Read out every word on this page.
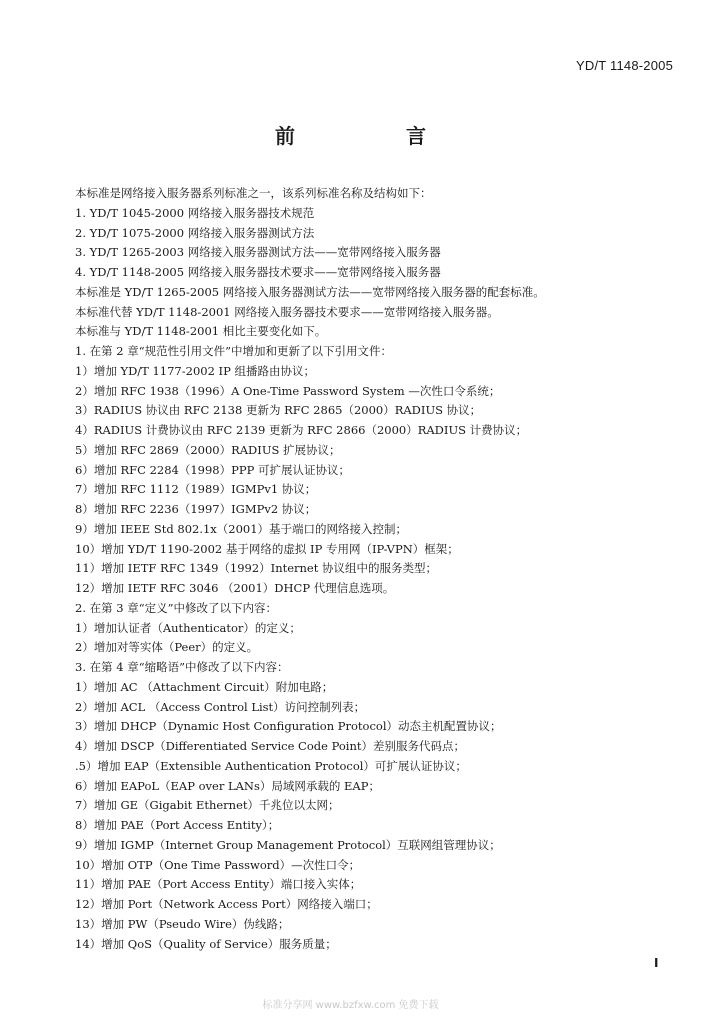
YD/T 1148-2005
前 言
本标准是网络接入服务器系列标准之一，该系列标准名称及结构如下：
1. YD/T 1045-2000 网络接入服务器技术规范
2. YD/T 1075-2000 网络接入服务器测试方法
3. YD/T 1265-2003 网络接入服务器测试方法——宽带网络接入服务器
4. YD/T 1148-2005 网络接入服务器技术要求——宽带网络接入服务器
本标准是 YD/T 1265-2005 网络接入服务器测试方法——宽带网络接入服务器的配套标准。
本标准代替 YD/T 1148-2001 网络接入服务器技术要求——宽带网络接入服务器。
本标准与 YD/T 1148-2001 相比主要变化如下。
1. 在第 2 章“规范性引用文件”中增加和更新了以下引用文件：
1）增加 YD/T 1177-2002 IP 组播路由协议；
2）增加 RFC 1938（1996）A One-Time Password System —次性口令系统；
3）RADIUS 协议由 RFC 2138 更新为 RFC 2865（2000）RADIUS 协议；
4）RADIUS 计费协议由 RFC 2139 更新为 RFC 2866（2000）RADIUS 计费协议；
5）增加 RFC 2869（2000）RADIUS 扩展协议；
6）增加 RFC 2284（1998）PPP 可扩展认证协议；
7）增加 RFC 1112（1989）IGMPv1 协议；
8）增加 RFC 2236（1997）IGMPv2 协议；
9）增加 IEEE Std 802.1x（2001）基于端口的网络接入控制；
10）增加 YD/T 1190-2002 基于网络的虚拟 IP 专用网（IP-VPN）框架；
11）增加 IETF RFC 1349（1992）Internet 协议组中的服务类型；
12）增加 IETF RFC 3046 （2001）DHCP 代理信息选项。
2. 在第 3 章“定义”中修改了以下内容：
1）增加认证者（Authenticator）的定义；
2）增加对等实体（Peer）的定义。
3. 在第 4 章“缩略语”中修改了以下内容：
1）增加 AC （Attachment Circuit）附加电路；
2）增加 ACL （Access Control List）访问控制列表；
3）增加 DHCP（Dynamic Host Configuration Protocol）动态主机配置协议；
4）增加 DSCP（Differentiated Service Code Point）差别服务代码点；
.5）增加 EAP（Extensible Authentication Protocol）可扩展认证协议；
6）增加 EAPoL（EAP over LANs）局域网承载的 EAP；
7）增加 GE（Gigabit Ethernet）千兆位以太网；
8）增加 PAE（Port Access Entity）；
9）增加 IGMP（Internet Group Management Protocol）互联网组管理协议；
10）增加 OTP（One Time Password）—次性口令；
11）增加 PAE（Port Access Entity）端口接入实体；
12）增加 Port（Network Access Port）网络接入端口；
13）增加 PW（Pseudo Wire）伪线路；
14）增加 QoS（Quality of Service）服务质量；
Ⅰ
标准分享网 www.bzfxw.com 免费下载
